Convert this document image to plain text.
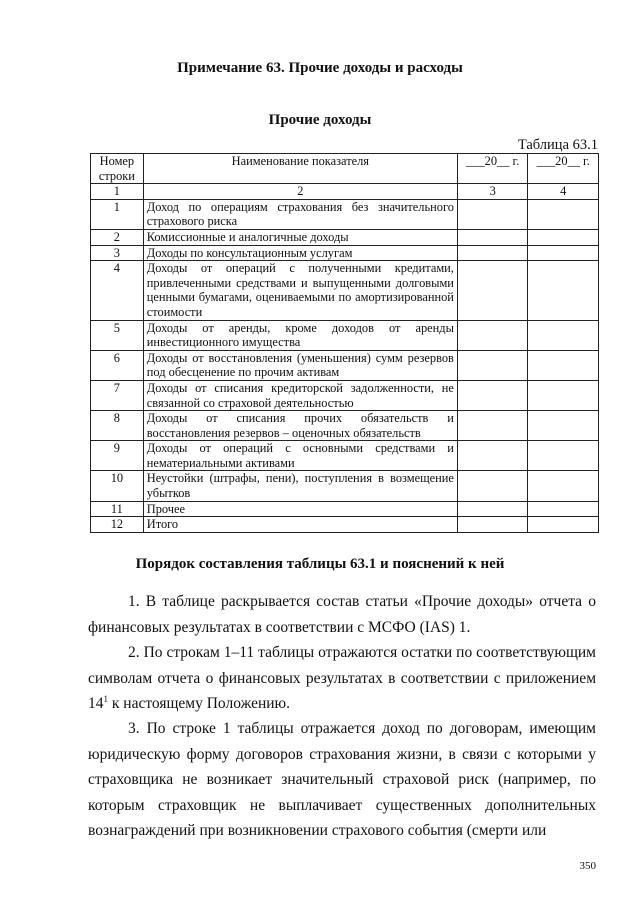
Примечание 63. Прочие доходы и расходы
Прочие доходы
Таблица 63.1
Номер строки	Наименование показателя	___20__ г.	___20__ г.
1	2	3	4
1	Доход по операциям страхования без значительного страхового риска		
2	Комиссионные и аналогичные доходы		
3	Доходы по консультационным услугам		
4	Доходы от операций с полученными кредитами, привлеченными средствами и выпущенными долговыми ценными бумагами, оцениваемыми по амортизированной стоимости		
5	Доходы от аренды, кроме доходов от аренды инвестиционного имущества		
6	Доходы от восстановления (уменьшения) сумм резервов под обесценение по прочим активам		
7	Доходы от списания кредиторской задолженности, не связанной со страховой деятельностью		
8	Доходы от списания прочих обязательств и восстановления резервов – оценочных обязательств		
9	Доходы от операций с основными средствами и нематериальными активами		
10	Неустойки (штрафы, пени), поступления в возмещение убытков		
11	Прочее		
12	Итого		
Порядок составления таблицы 63.1 и пояснений к ней

1. В таблице раскрывается состав статьи «Прочие доходы» отчета о финансовых результатах в соответствии с МСФО (IAS) 1.

2. По строкам 1–11 таблицы отражаются остатки по соответствующим символам отчета о финансовых результатах в соответствии с приложением $14^1$ к настоящему Положению.

3. По строке 1 таблицы отражается доход по договорам, имеющим юридическую форму договоров страхования жизни, в связи с которыми у страховщика не возникает значительный страховой риск (например, по которым страховщик не выплачивает существенных дополнительных вознаграждений при возникновении страхового события (смерти или

350
